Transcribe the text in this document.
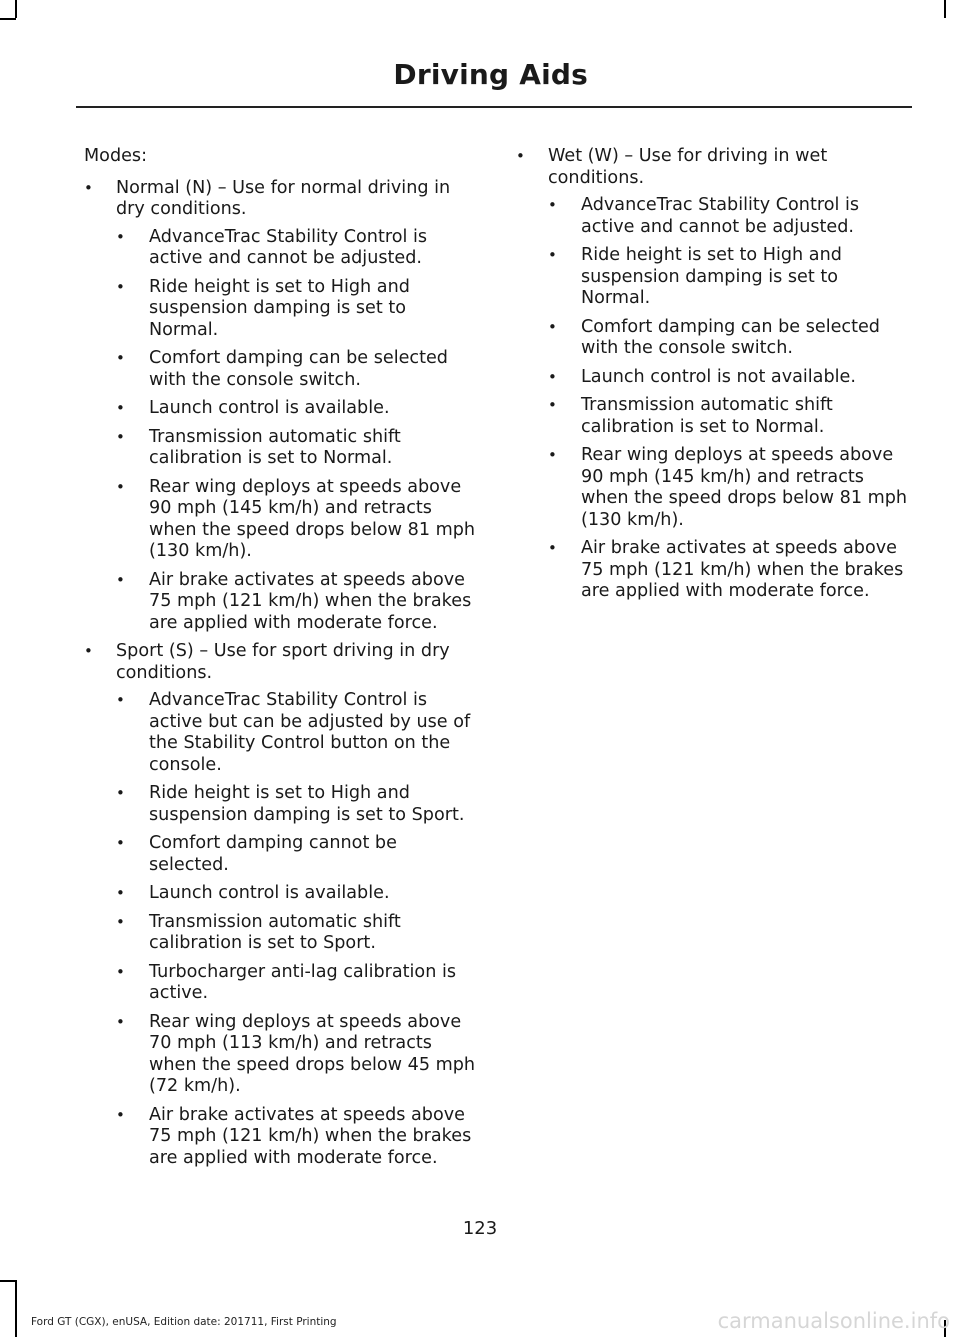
Driving Aids

Modes:

• Normal (N) – Use for normal driving in dry conditions.
• AdvanceTrac Stability Control is active and cannot be adjusted.
• Ride height is set to High and suspension damping is set to Normal.
• Comfort damping can be selected with the console switch.
• Launch control is available.
• Transmission automatic shift calibration is set to Normal.
• Rear wing deploys at speeds above 90 mph (145 km/h) and retracts when the speed drops below 81 mph (130 km/h).
• Air brake activates at speeds above 75 mph (121 km/h) when the brakes are applied with moderate force.
• Sport (S) – Use for sport driving in dry conditions.
• AdvanceTrac Stability Control is active but can be adjusted by use of the Stability Control button on the console.
• Ride height is set to High and suspension damping is set to Sport.
• Comfort damping cannot be selected.
• Launch control is available.
• Transmission automatic shift calibration is set to Sport.
• Turbocharger anti-lag calibration is active.
• Rear wing deploys at speeds above 70 mph (113 km/h) and retracts when the speed drops below 45 mph (72 km/h).
• Air brake activates at speeds above 75 mph (121 km/h) when the brakes are applied with moderate force.
• Wet (W) – Use for driving in wet conditions.
• AdvanceTrac Stability Control is active and cannot be adjusted.
• Ride height is set to High and suspension damping is set to Normal.
• Comfort damping can be selected with the console switch.
• Launch control is not available.
• Transmission automatic shift calibration is set to Normal.
• Rear wing deploys at speeds above 90 mph (145 km/h) and retracts when the speed drops below 81 mph (130 km/h).
• Air brake activates at speeds above 75 mph (121 km/h) when the brakes are applied with moderate force.
123
Ford GT (CGX), enUSA, Edition date: 201711, First Printing	carmanualsonline.info
